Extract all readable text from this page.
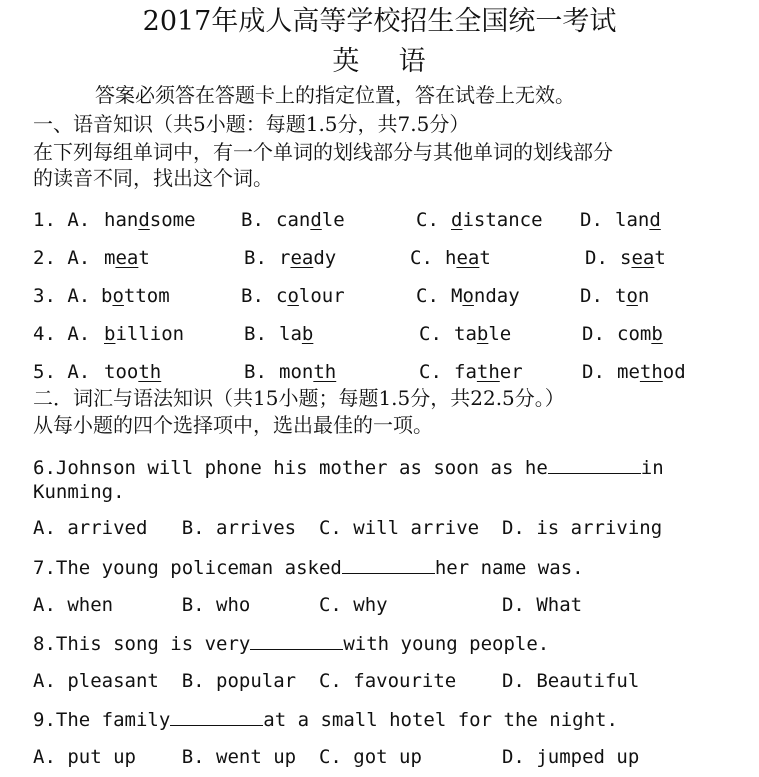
2017年成人高等学校招生全国统一考试
英    语
答案必须答在答题卡上的指定位置，答在试卷上无效。
一、语音知识（共5小题：每题1.5分，共7.5分）
在下列每组单词中，有一个单词的划线部分与其他单词的划线部分
的读音不同，找出这个词。
1. A. handsome B. candle	C. distance D. land
2. A. meat	B. ready	C. heat	D. seat
3. A. bottom	B. colour	C. Monday	D. ton
4. A. billion	B. lab	C. table	D. comb
5. A. tooth	B. month	C. father	D. method
二．词汇与语法知识（共15小题；每题1.5分，共22.5分。）
从每小题的四个选择项中，选出最佳的一项。
6.Johnson will phone his mother as soon as he	in
Kunming.
A. arrived   B. arrives  C. will arrive  D. is arriving
7.The young policeman asked	her name was.
A. when      B. who      C. why          D. What
8.This song is very	with young people.
A. pleasant  B. popular  C. favourite    D. Beautiful
9.The family	at a small hotel for the night.
A. put up    B. went up  C. got up       D. jumped up
